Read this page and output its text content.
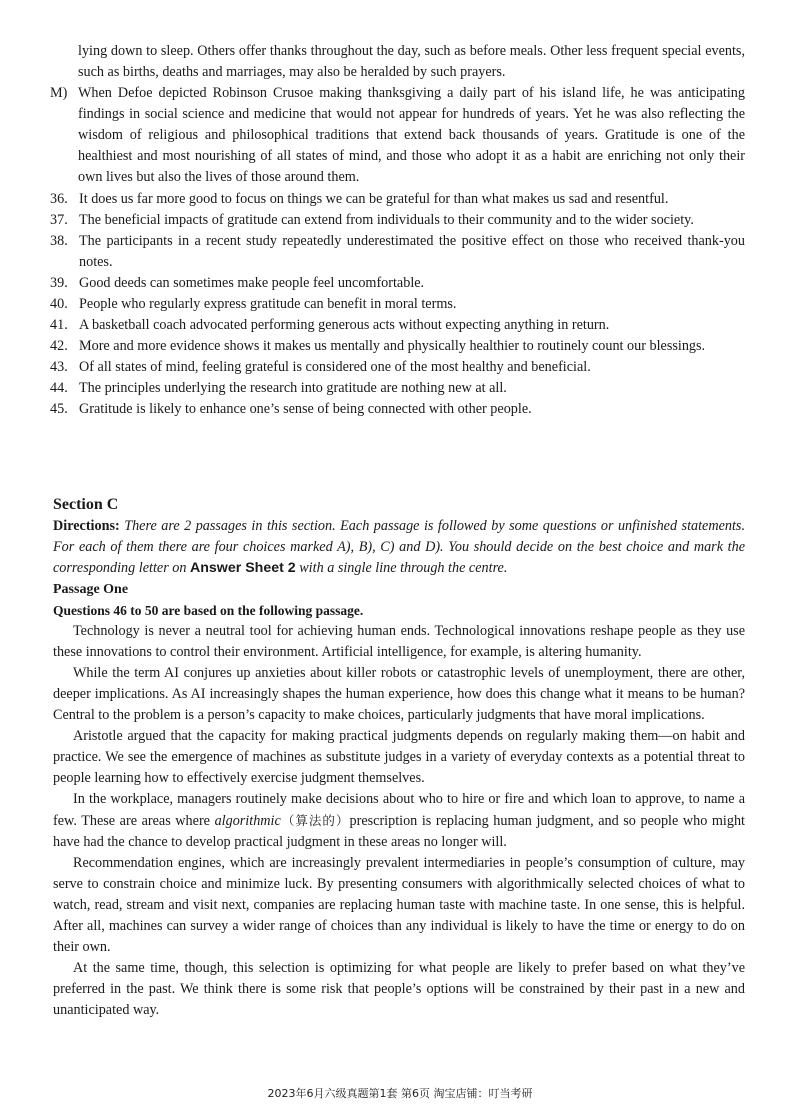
lying down to sleep. Others offer thanks throughout the day, such as before meals. Other less frequent special events, such as births, deaths and marriages, may also be heralded by such prayers.

M) When Defoe depicted Robinson Crusoe making thanksgiving a daily part of his island life, he was anticipating findings in social science and medicine that would not appear for hundreds of years. Yet he was also reflecting the wisdom of religious and philosophical traditions that extend back thousands of years. Gratitude is one of the healthiest and most nourishing of all states of mind, and those who adopt it as a habit are enriching not only their own lives but also the lives of those around them.

36. It does us far more good to focus on things we can be grateful for than what makes us sad and resentful.

37. The beneficial impacts of gratitude can extend from individuals to their community and to the wider society.

38. The participants in a recent study repeatedly underestimated the positive effect on those who received thank-you notes.

39. Good deeds can sometimes make people feel uncomfortable.

40. People who regularly express gratitude can benefit in moral terms.

41. A basketball coach advocated performing generous acts without expecting anything in return.

42. More and more evidence shows it makes us mentally and physically healthier to routinely count our blessings.

43. Of all states of mind, feeling grateful is considered one of the most healthy and beneficial.

44. The principles underlying the research into gratitude are nothing new at all.

45. Gratitude is likely to enhance one’s sense of being connected with other people.

Section C

Directions: There are 2 passages in this section. Each passage is followed by some questions or unfinished statements. For each of them there are four choices marked A), B), C) and D). You should decide on the best choice and mark the corresponding letter on Answer Sheet 2 with a single line through the centre.

Passage One

Questions 46 to 50 are based on the following passage.

Technology is never a neutral tool for achieving human ends. Technological innovations reshape people as they use these innovations to control their environment. Artificial intelligence, for example, is altering humanity.

While the term AI conjures up anxieties about killer robots or catastrophic levels of unemployment, there are other, deeper implications. As AI increasingly shapes the human experience, how does this change what it means to be human? Central to the problem is a person’s capacity to make choices, particularly judgments that have moral implications.

Aristotle argued that the capacity for making practical judgments depends on regularly making them—on habit and practice. We see the emergence of machines as substitute judges in a variety of everyday contexts as a potential threat to people learning how to effectively exercise judgment themselves.

In the workplace, managers routinely make decisions about who to hire or fire and which loan to approve, to name a few. These are areas where algorithmic（算法的）prescription is replacing human judgment, and so people who might have had the chance to develop practical judgment in these areas no longer will.

Recommendation engines, which are increasingly prevalent intermediaries in people’s consumption of culture, may serve to constrain choice and minimize luck. By presenting consumers with algorithmically selected choices of what to watch, read, stream and visit next, companies are replacing human taste with machine taste. In one sense, this is helpful. After all, machines can survey a wider range of choices than any individual is likely to have the time or energy to do on their own.

At the same time, though, this selection is optimizing for what people are likely to prefer based on what they’ve preferred in the past. We think there is some risk that people’s options will be constrained by their past in a new and unanticipated way.

2023年6月六级真题第1套 第6页 淘宝店铺：叮当考研
